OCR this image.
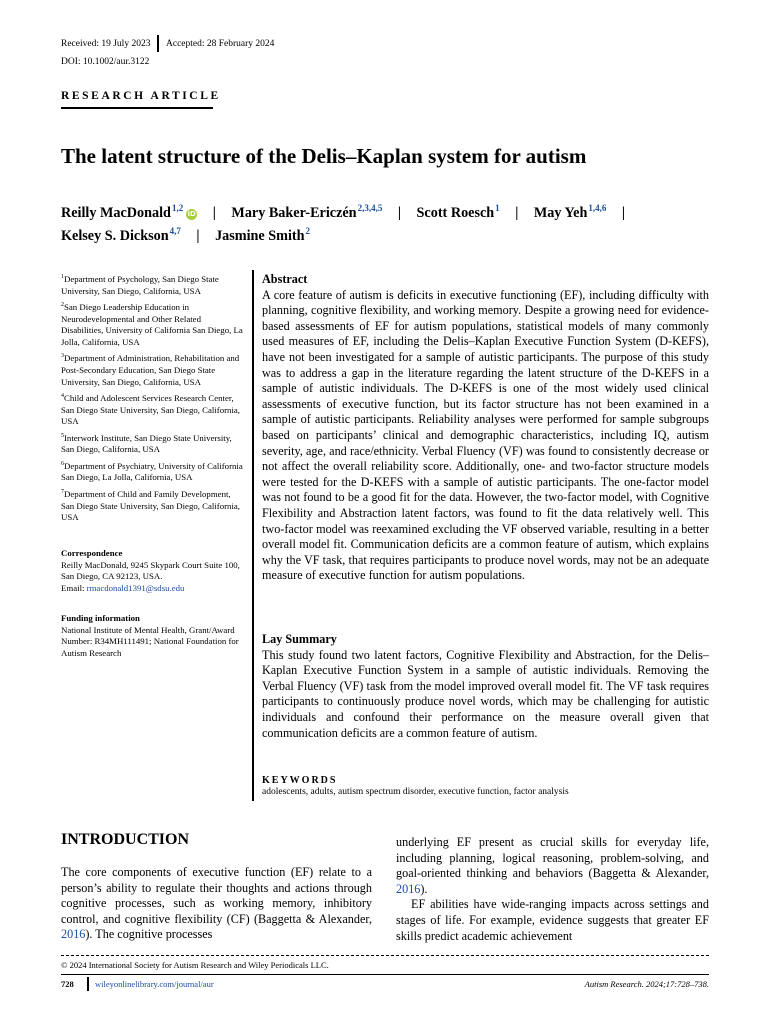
Received: 19 July 2023 Accepted: 28 February 2024
DOI: 10.1002/aur.3122
RESEARCH ARTICLE
The latent structure of the Delis–Kaplan system for autism
Reilly MacDonald$^{1,2}$iD | Mary Baker-Ericzén$^{2,3,4,5}$ | Scott Roesch$^1$ | May Yeh$^{1,4,6}$ |
Kelsey S. Dickson$^{4,7}$ | Jasmine Smith$^2$
$^1$Department of Psychology, San Diego State University, San Diego, California, USA
$^2$San Diego Leadership Education in Neurodevelopmental and Other Related Disabilities, University of California San Diego, La Jolla, California, USA
$^3$Department of Administration, Rehabilitation and Post-Secondary Education, San Diego State University, San Diego, California, USA
$^4$Child and Adolescent Services Research Center, San Diego State University, San Diego, California, USA
$^5$Interwork Institute, San Diego State University, San Diego, California, USA
$^6$Department of Psychiatry, University of California San Diego, La Jolla, California, USA
$^7$Department of Child and Family Development, San Diego State University, San Diego, California, USA
Correspondence
Reilly MacDonald, 9245 Skypark Court Suite 100, San Diego, CA 92123, USA.
Email: rmacdonald1391@sdsu.edu
Funding information
National Institute of Mental Health, Grant/Award Number: R34MH111491; National Foundation for Autism Research
Abstract
A core feature of autism is deficits in executive functioning (EF), including difficulty with planning, cognitive flexibility, and working memory. Despite a growing need for evidence-based assessments of EF for autism populations, statistical models of many commonly used measures of EF, including the Delis–Kaplan Executive Function System (D-KEFS), have not been investigated for a sample of autistic participants. The purpose of this study was to address a gap in the literature regarding the latent structure of the D-KEFS in a sample of autistic individuals. The D-KEFS is one of the most widely used clinical assessments of executive function, but its factor structure has not been examined in a sample of autistic participants. Reliability analyses were performed for sample subgroups based on participants’ clinical and demographic characteristics, including IQ, autism severity, age, and race/ethnicity. Verbal Fluency (VF) was found to consistently decrease or not affect the overall reliability score. Additionally, one- and two-factor structure models were tested for the D-KEFS with a sample of autistic participants. The one-factor model was not found to be a good fit for the data. However, the two-factor model, with Cognitive Flexibility and Abstraction latent factors, was found to fit the data relatively well. This two-factor model was reexamined excluding the VF observed variable, resulting in a better overall model fit. Communication deficits are a common feature of autism, which explains why the VF task, that requires participants to produce novel words, may not be an adequate measure of executive function for autism populations.
Lay Summary
This study found two latent factors, Cognitive Flexibility and Abstraction, for the Delis–Kaplan Executive Function System in a sample of autistic individuals. Removing the Verbal Fluency (VF) task from the model improved overall model fit. The VF task requires participants to continuously produce novel words, which may be challenging for autistic individuals and confound their performance on the measure overall given that communication deficits are a common feature of autism.
KEYWORDS
adolescents, adults, autism spectrum disorder, executive function, factor analysis
INTRODUCTION
The core components of executive function (EF) relate to a person’s ability to regulate their thoughts and actions through cognitive processes, such as working memory, inhibitory control, and cognitive flexibility (CF) (Baggetta & Alexander, 2016). The cognitive processes
underlying EF present as crucial skills for everyday life, including planning, logical reasoning, problem-solving, and goal-oriented thinking and behaviors (Baggetta & Alexander, 2016).
EF abilities have wide-ranging impacts across settings and stages of life. For example, evidence suggests that greater EF skills predict academic achievement
© 2024 International Society for Autism Research and Wiley Periodicals LLC.
728	wileyonlinelibrary.com/journal/aur	Autism Research. 2024;17:728–738.
